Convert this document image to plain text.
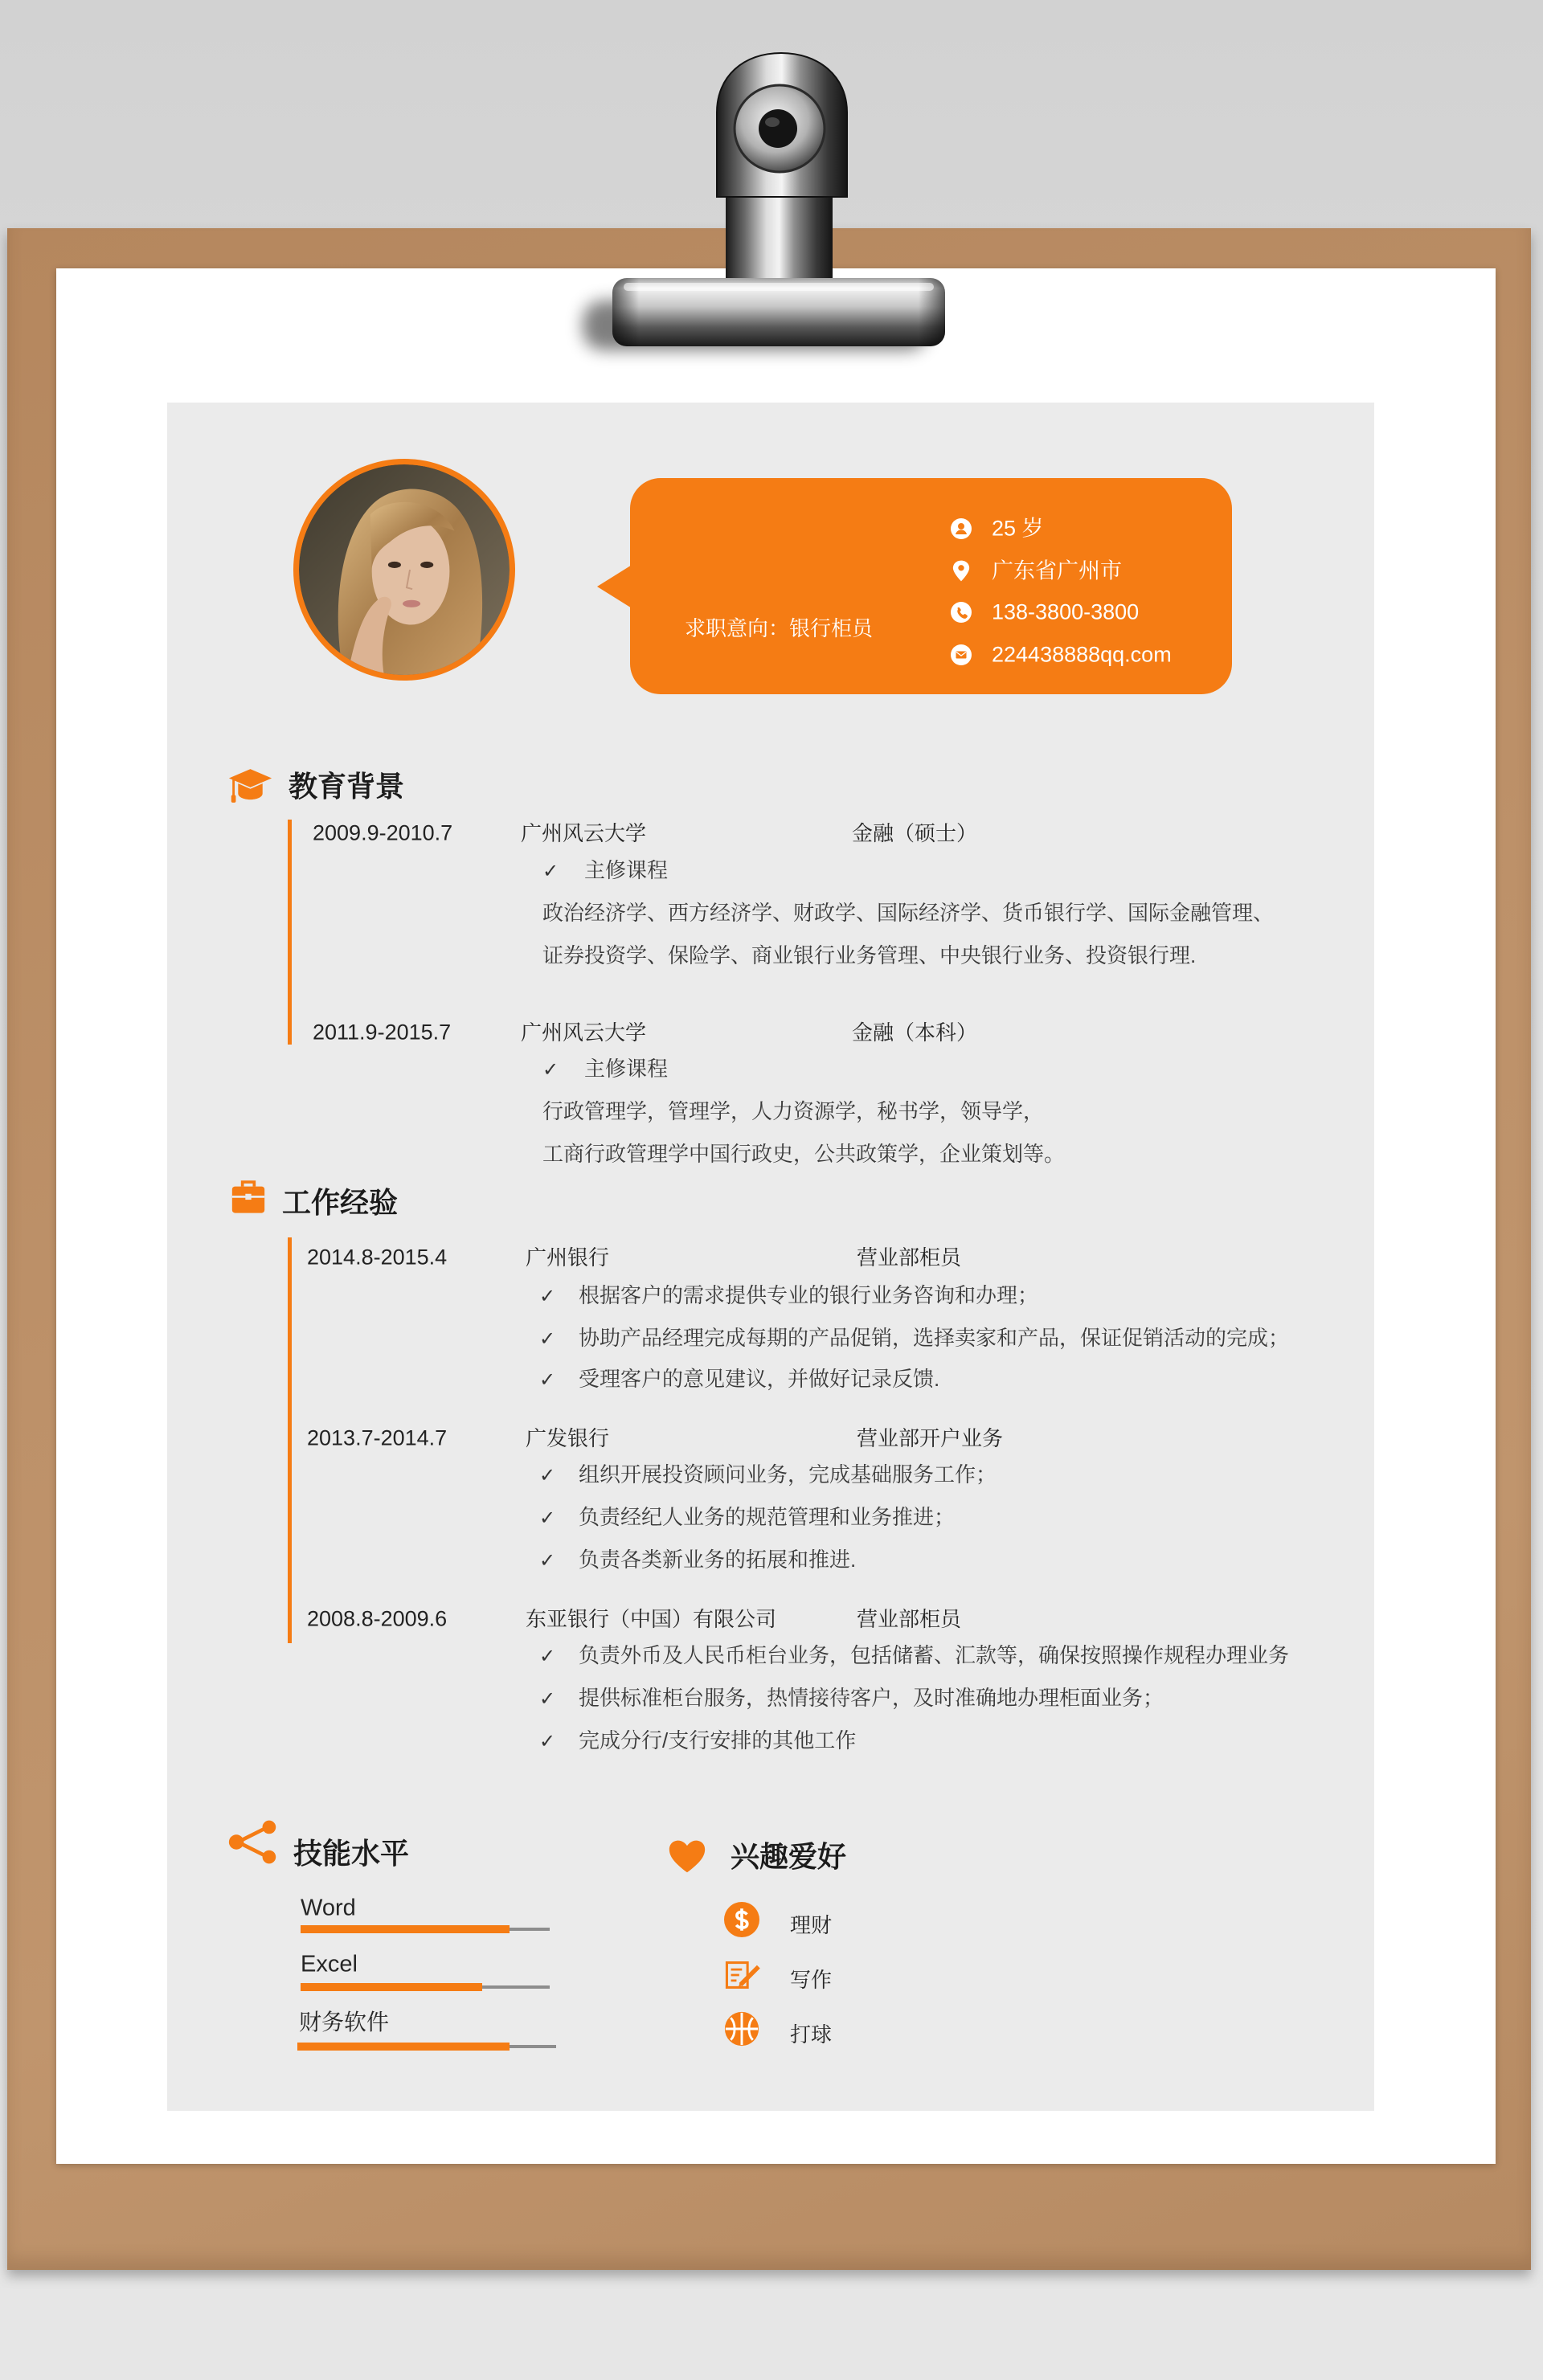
求职意向：银行柜员
25 岁
广东省广州市
138-3800-3800
224438888qq.com
教育背景
2009.9-2010.7	广州风云大学	金融（硕士）
✓
主修课程
政治经济学、西方经济学、财政学、国际经济学、货币银行学、国际金融管理、
证券投资学、保险学、商业银行业务管理、中央银行业务、投资银行理.
2011.9-2015.7	广州风云大学	金融（本科）
✓
主修课程
行政管理学，管理学，人力资源学，秘书学，领导学，
工商行政管理学中国行政史，公共政策学，企业策划等。
工作经验
2014.8-2015.4	广州银行	营业部柜员
✓
根据客户的需求提供专业的银行业务咨询和办理；
✓
协助产品经理完成每期的产品促销，选择卖家和产品，保证促销活动的完成；
✓
受理客户的意见建议，并做好记录反馈.
2013.7-2014.7	广发银行	营业部开户业务
✓
组织开展投资顾问业务，完成基础服务工作；
✓
负责经纪人业务的规范管理和业务推进；
✓
负责各类新业务的拓展和推进.
2008.8-2009.6	东亚银行（中国）有限公司	营业部柜员
✓
负责外币及人民币柜台业务，包括储蓄、汇款等，确保按照操作规程办理业务
✓
提供标准柜台服务，热情接待客户，及时准确地办理柜面业务；
✓
完成分行/支行安排的其他工作
技能水平
Word
Excel
财务软件
兴趣爱好
理财
写作
打球
